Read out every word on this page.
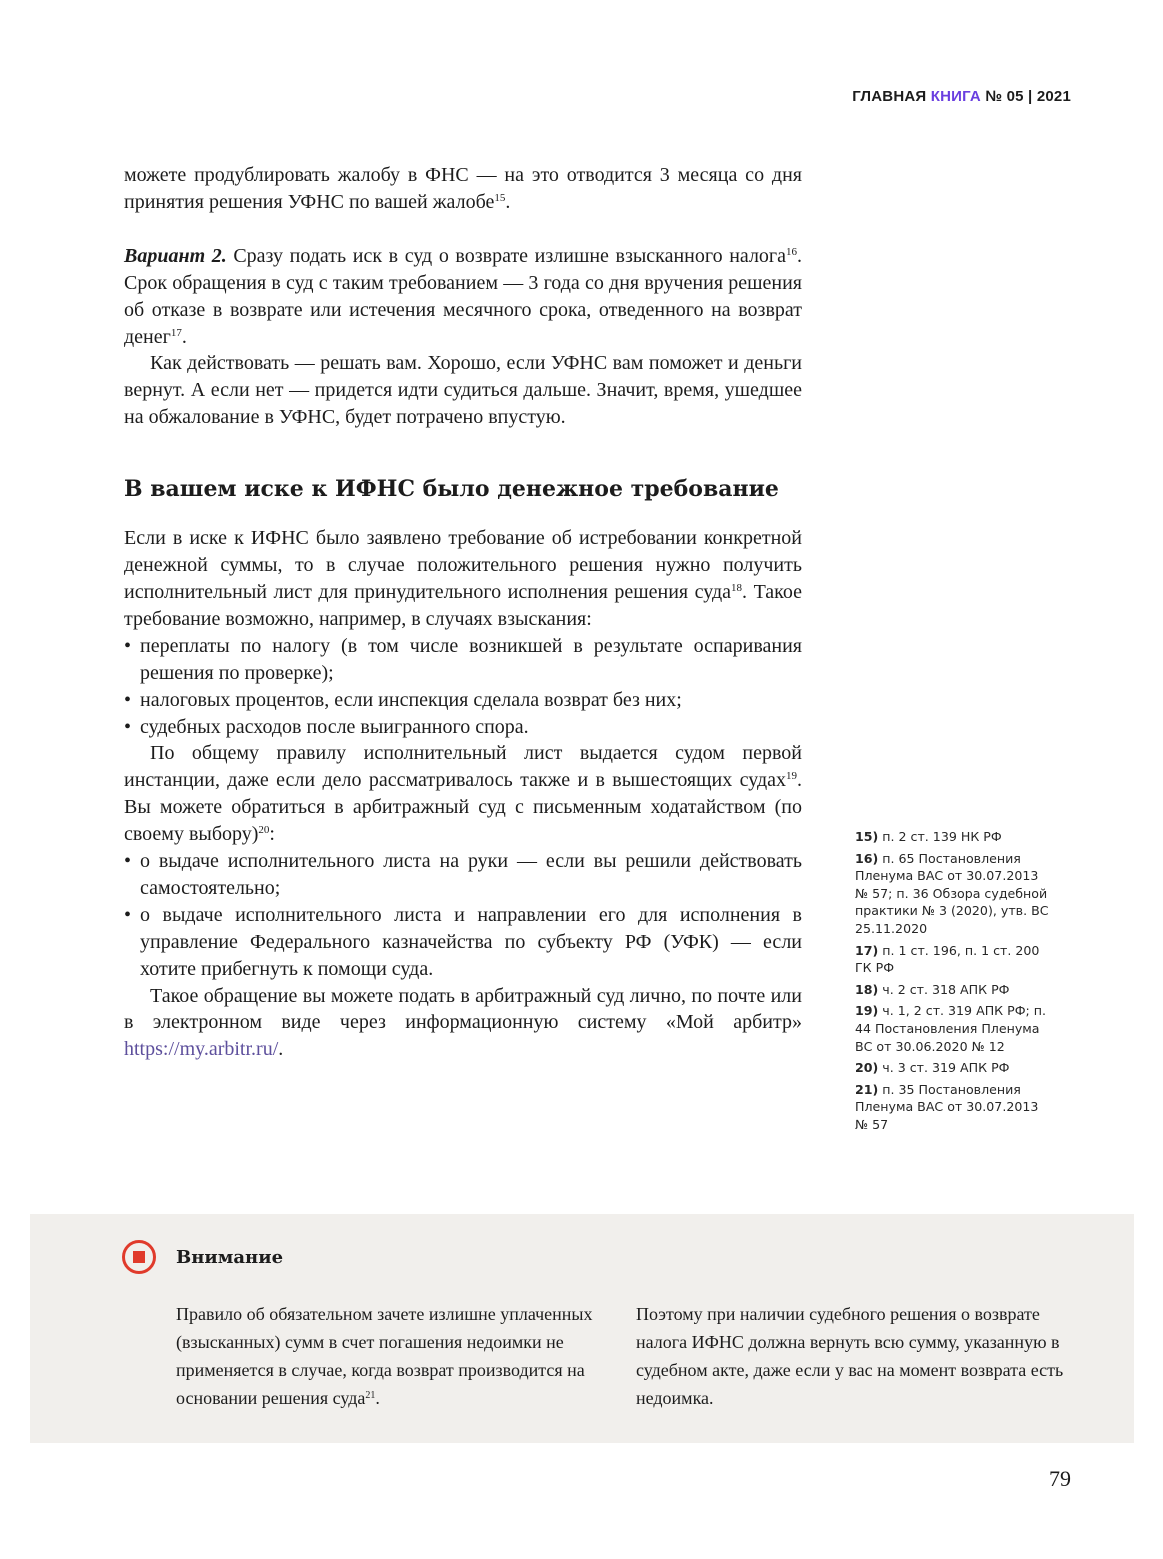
ГЛАВНАЯ КНИГА № 05 | 2021

можете продублировать жалобу в ФНС — на это отводится 3 месяца со дня принятия решения УФНС по вашей жалобе$^{15}$.

Вариант 2. Сразу подать иск в суд о возврате излишне взысканного налога$^{16}$. Срок обращения в суд с таким требованием — 3 года со дня вручения решения об отказе в возврате или истечения месячного срока, отведенного на возврат денег$^{17}$.

Как действовать — решать вам. Хорошо, если УФНС вам поможет и деньги вернут. А если нет — придется идти судиться дальше. Значит, время, ушедшее на обжалование в УФНС, будет потрачено впустую.

В вашем иске к ИФНС было денежное требование

Если в иске к ИФНС было заявлено требование об истребовании конкретной денежной суммы, то в случае положительного решения нужно получить исполнительный лист для принудительного исполнения решения суда$^{18}$. Такое требование возможно, например, в случаях взыскания:

• переплаты по налогу (в том числе возникшей в результате оспаривания решения по проверке);
• налоговых процентов, если инспекция сделала возврат без них;
• судебных расходов после выигранного спора.

По общему правилу исполнительный лист выдается судом первой инстанции, даже если дело рассматривалось также и в вышестоящих судах$^{19}$. Вы можете обратиться в арбитражный суд с письменным ходатайством (по своему выбору)$^{20}$:

• о выдаче исполнительного листа на руки — если вы решили действовать самостоятельно;
• о выдаче исполнительного листа и направлении его для исполнения в управление Федерального казначейства по субъекту РФ (УФК) — если хотите прибегнуть к помощи суда.

Такое обращение вы можете подать в арбитражный суд лично, по почте или в электронном виде через информационную систему «Мой арбитр» https://my.arbitr.ru/.

15) п. 2 ст. 139 НК РФ
16) п. 65 Постановления Пленума ВАС от 30.07.2013 № 57; п. 36 Обзора судебной практики № 3 (2020), утв. ВС 25.11.2020
17) п. 1 ст. 196, п. 1 ст. 200 ГК РФ
18) ч. 2 ст. 318 АПК РФ
19) ч. 1, 2 ст. 319 АПК РФ; п. 44 Постановления Пленума ВС от 30.06.2020 № 12
20) ч. 3 ст. 319 АПК РФ
21) п. 35 Постановления Пленума ВАС от 30.07.2013 № 57
Внимание
Правило об обязательном зачете излишне уплаченных (взысканных) сумм в счет погашения недоимки не применяется в случае, когда возврат производится на основании решения суда$^{21}$.
Поэтому при наличии судебного решения о возврате налога ИФНС должна вернуть всю сумму, указанную в судебном акте, даже если у вас на момент возврата есть недоимка.
79
